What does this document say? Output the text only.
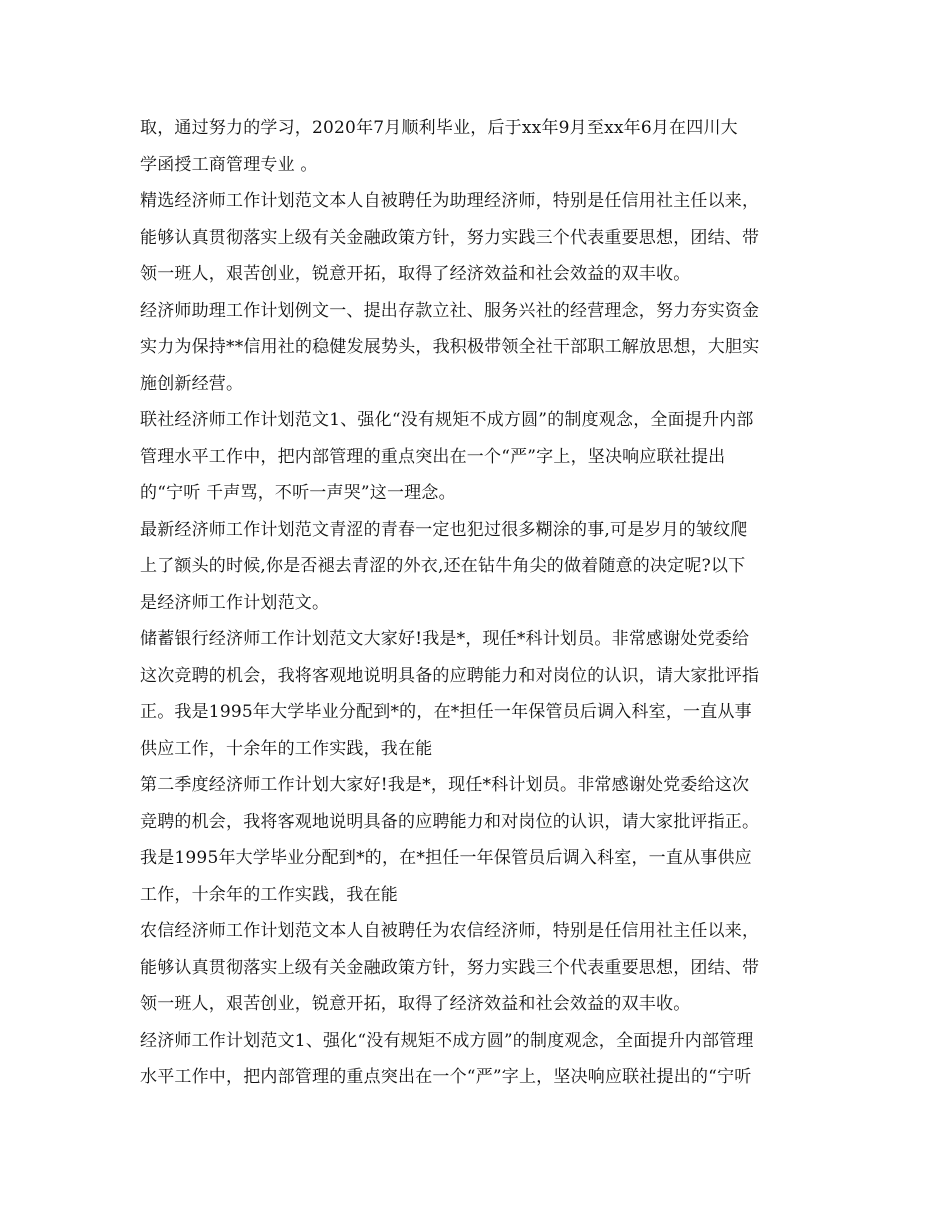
取，通过努力的学习，2020年7月顺利毕业，后于xx年9月至xx年6月在四川大
学函授工商管理专业 。
精选经济师工作计划范文本人自被聘任为助理经济师，特别是任信用社主任以来，
能够认真贯彻落实上级有关金融政策方针，努力实践三个代表重要思想，团结、带
领一班人，艰苦创业，锐意开拓，取得了经济效益和社会效益的双丰收。
经济师助理工作计划例文一、提出存款立社、服务兴社的经营理念，努力夯实资金
实力为保持**信用社的稳健发展势头，我积极带领全社干部职工解放思想，大胆实
施创新经营。
联社经济师工作计划范文1、强化“没有规矩不成方圆”的制度观念，全面提升内部
管理水平工作中，把内部管理的重点突出在一个“严”字上，坚决响应联社提出
的“宁听 千声骂，不听一声哭”这一理念。
最新经济师工作计划范文青涩的青春一定也犯过很多糊涂的事,可是岁月的皱纹爬
上了额头的时候,你是否褪去青涩的外衣,还在钻牛角尖的做着随意的决定呢?以下
是经济师工作计划范文。
储蓄银行经济师工作计划范文大家好!我是*，现任*科计划员。非常感谢处党委给
这次竞聘的机会，我将客观地说明具备的应聘能力和对岗位的认识，请大家批评指
正。我是1995年大学毕业分配到*的，在*担任一年保管员后调入科室，一直从事
供应工作，十余年的工作实践，我在能
第二季度经济师工作计划大家好!我是*，现任*科计划员。非常感谢处党委给这次
竞聘的机会，我将客观地说明具备的应聘能力和对岗位的认识，请大家批评指正。
我是1995年大学毕业分配到*的，在*担任一年保管员后调入科室，一直从事供应
工作，十余年的工作实践，我在能
农信经济师工作计划范文本人自被聘任为农信经济师，特别是任信用社主任以来，
能够认真贯彻落实上级有关金融政策方针，努力实践三个代表重要思想，团结、带
领一班人，艰苦创业，锐意开拓，取得了经济效益和社会效益的双丰收。
经济师工作计划范文1、强化“没有规矩不成方圆”的制度观念，全面提升内部管理
水平工作中，把内部管理的重点突出在一个“严”字上，坚决响应联社提出的“宁听
